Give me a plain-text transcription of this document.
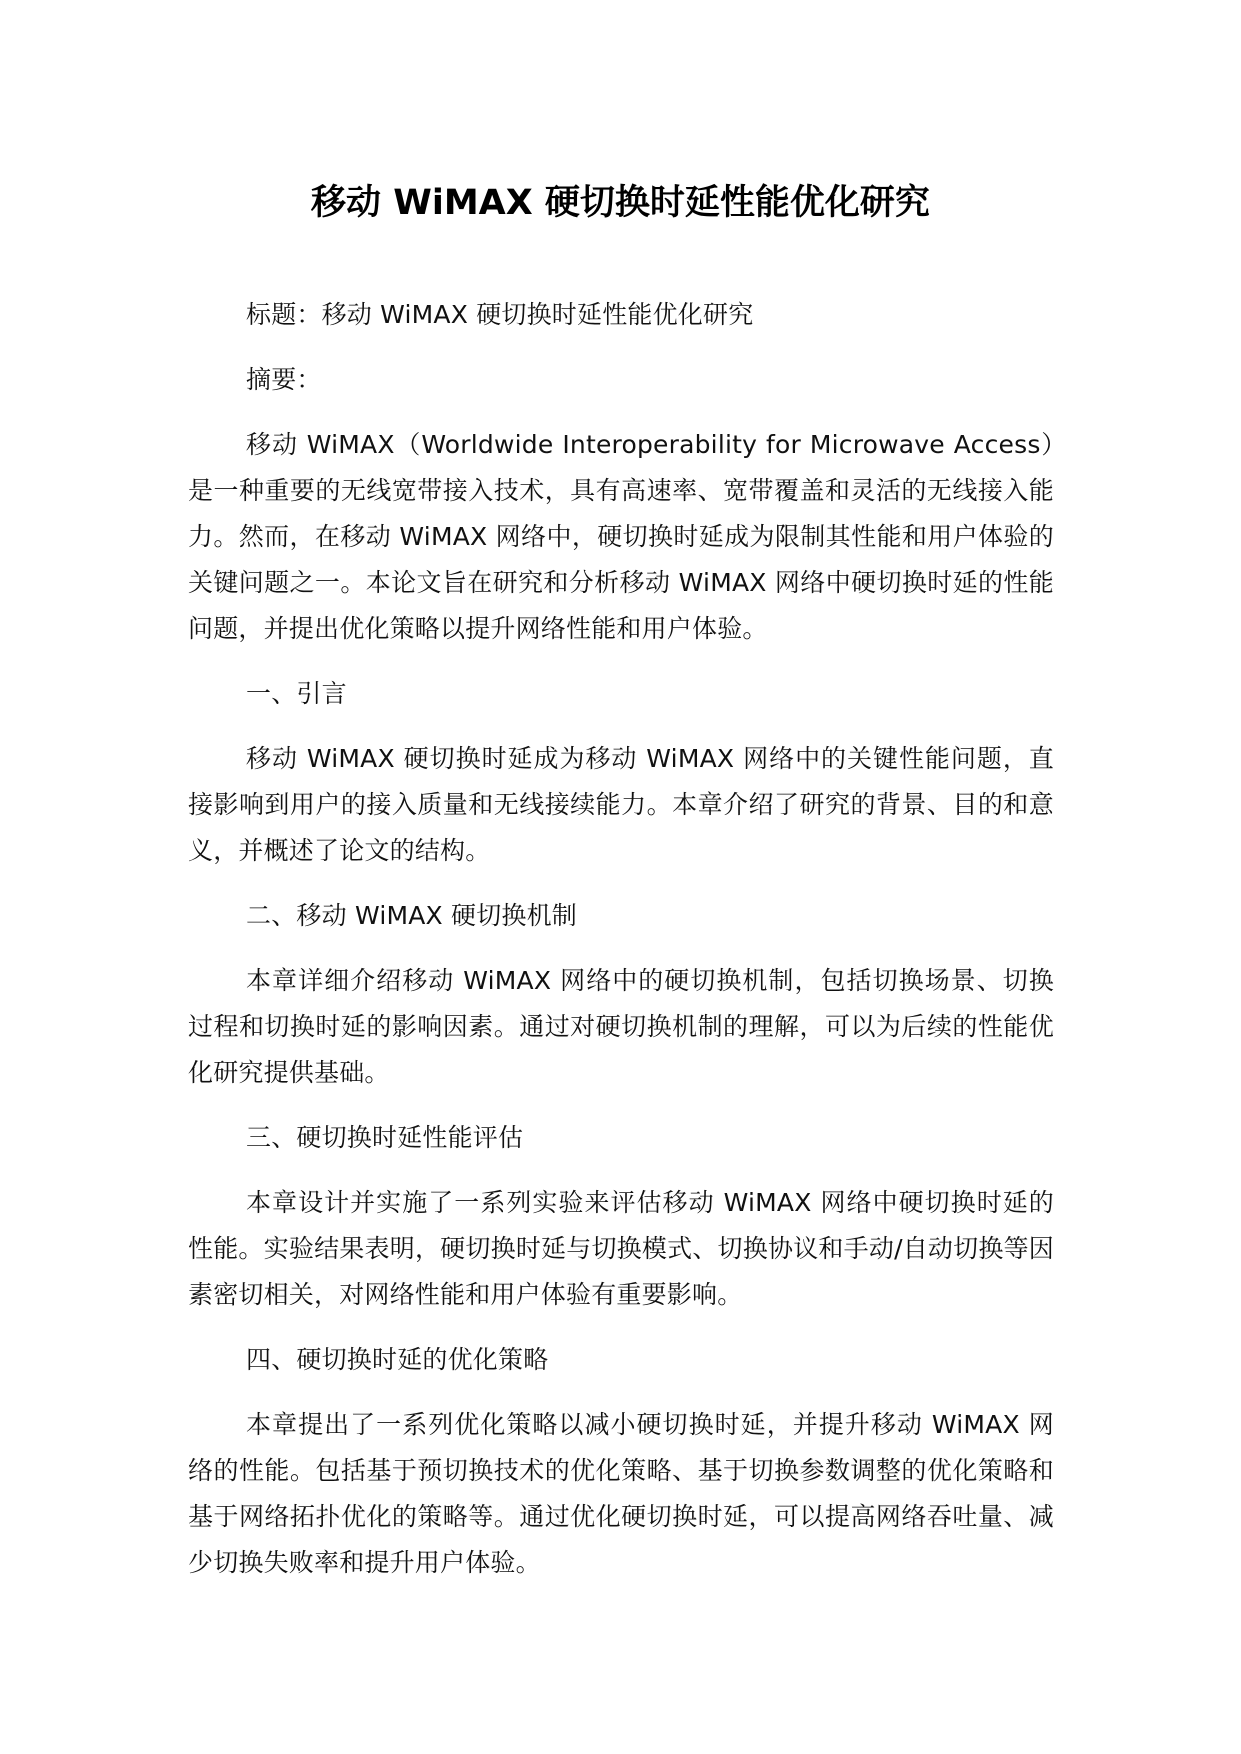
移动 WiMAX 硬切换时延性能优化研究

标题：移动 WiMAX 硬切换时延性能优化研究

摘要：

移动 WiMAX（Worldwide Interoperability for Microwave Access）是一种重要的无线宽带接入技术，具有高速率、宽带覆盖和灵活的无线接入能力。然而，在移动 WiMAX 网络中，硬切换时延成为限制其性能和用户体验的关键问题之一。本论文旨在研究和分析移动 WiMAX 网络中硬切换时延的性能问题，并提出优化策略以提升网络性能和用户体验。

一、引言

移动 WiMAX 硬切换时延成为移动 WiMAX 网络中的关键性能问题，直接影响到用户的接入质量和无线接续能力。本章介绍了研究的背景、目的和意义，并概述了论文的结构。

二、移动 WiMAX 硬切换机制

本章详细介绍移动 WiMAX 网络中的硬切换机制，包括切换场景、切换过程和切换时延的影响因素。通过对硬切换机制的理解，可以为后续的性能优化研究提供基础。

三、硬切换时延性能评估

本章设计并实施了一系列实验来评估移动 WiMAX 网络中硬切换时延的性能。实验结果表明，硬切换时延与切换模式、切换协议和手动/自动切换等因素密切相关，对网络性能和用户体验有重要影响。

四、硬切换时延的优化策略

本章提出了一系列优化策略以减小硬切换时延，并提升移动 WiMAX 网络的性能。包括基于预切换技术的优化策略、基于切换参数调整的优化策略和基于网络拓扑优化的策略等。通过优化硬切换时延，可以提高网络吞吐量、减少切换失败率和提升用户体验。
